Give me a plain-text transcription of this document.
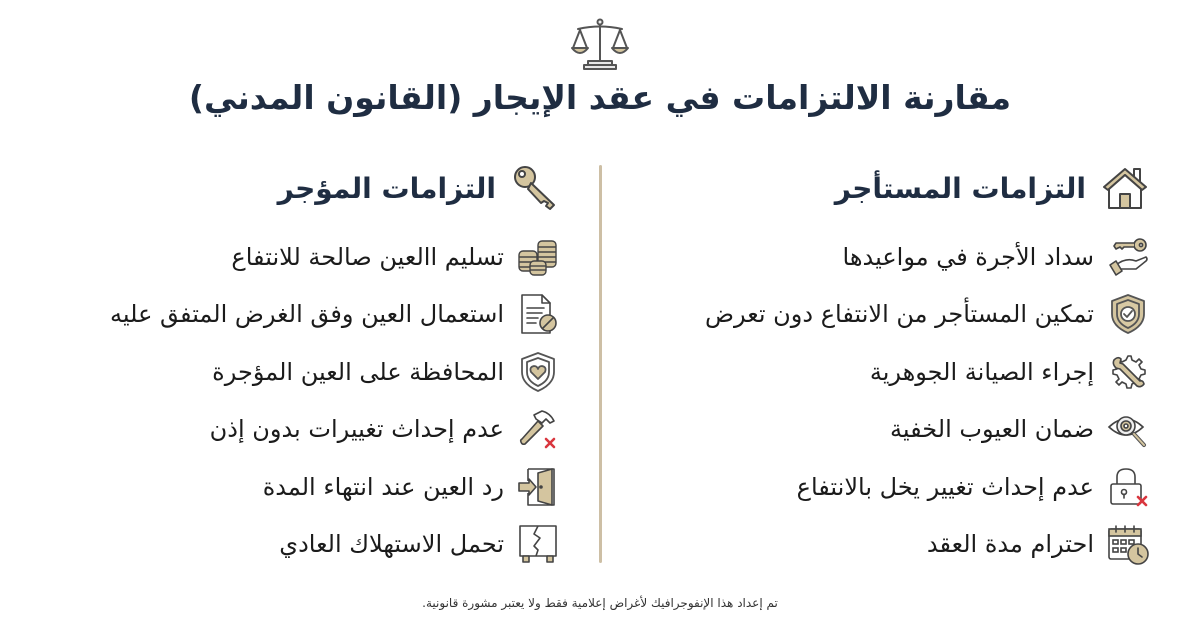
مقارنة الالتزامات في عقد الإيجار (القانون المدني)
التزامات المستأجر
سداد الأجرة في مواعيدها
تمكين المستأجر من الانتفاع دون تعرض
إجراء الصيانة الجوهرية
ضمان العيوب الخفية
عدم إحداث تغيير يخل بالانتفاع
احترام مدة العقد
التزامات المؤجر
تسليم االعين صالحة للانتفاع
استعمال العين وفق الغرض المتفق عليه
المحافظة على العين المؤجرة
عدم إحداث تغييرات بدون إذن
رد العين عند انتهاء المدة
تحمل الاستهلاك العادي
تم إعداد هذا الإنفوجرافيك لأغراض إعلامية فقط ولا يعتبر مشورة قانونية.
